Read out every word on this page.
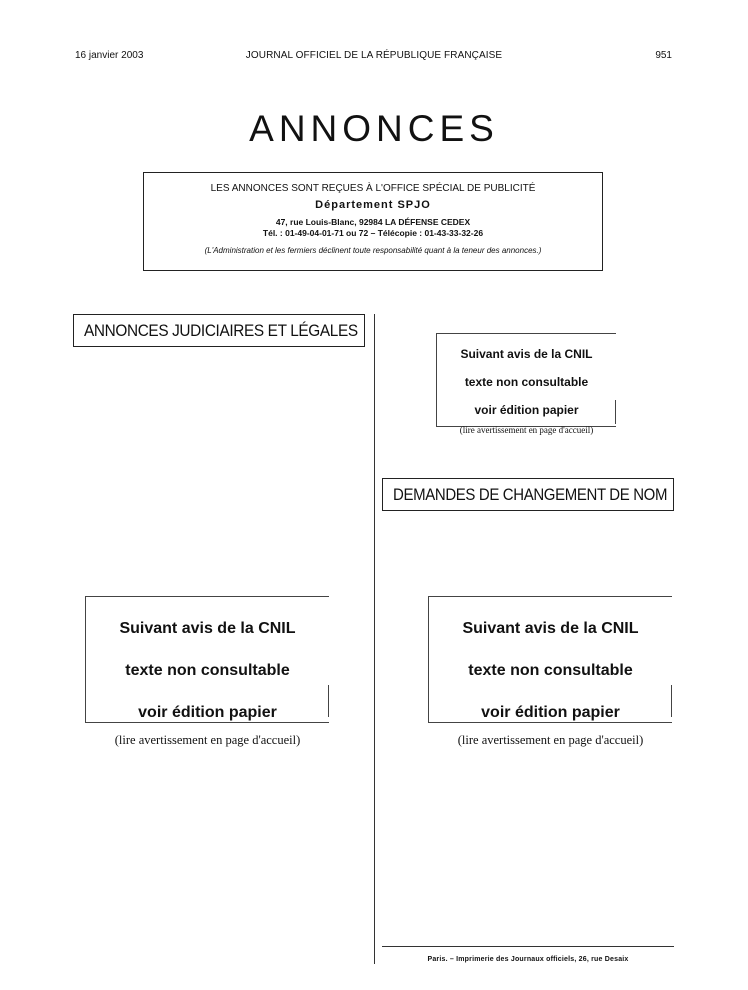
16 janvier 2003	JOURNAL OFFICIEL DE LA RÉPUBLIQUE FRANÇAISE	951
ANNONCES
LES ANNONCES SONT REÇUES À L'OFFICE SPÉCIAL DE PUBLICITÉ
Département SPJO
47, rue Louis-Blanc, 92984 LA DÉFENSE CEDEX
Tél. : 01-49-04-01-71 ou 72 – Télécopie : 01-43-33-32-26
(L'Administration et les fermiers déclinent toute responsabilité quant à la teneur des annonces.)
ANNONCES JUDICIAIRES ET LÉGALES
DEMANDES DE CHANGEMENT DE NOM
Suivant avis de la CNIL
texte non consultable
voir édition papier
(lire avertissement en page d'accueil)
Suivant avis de la CNIL
texte non consultable
voir édition papier
(lire avertissement en page d'accueil)
Suivant avis de la CNIL
texte non consultable
voir édition papier
(lire avertissement en page d'accueil)
Paris. – Imprimerie des Journaux officiels, 26, rue Desaix
